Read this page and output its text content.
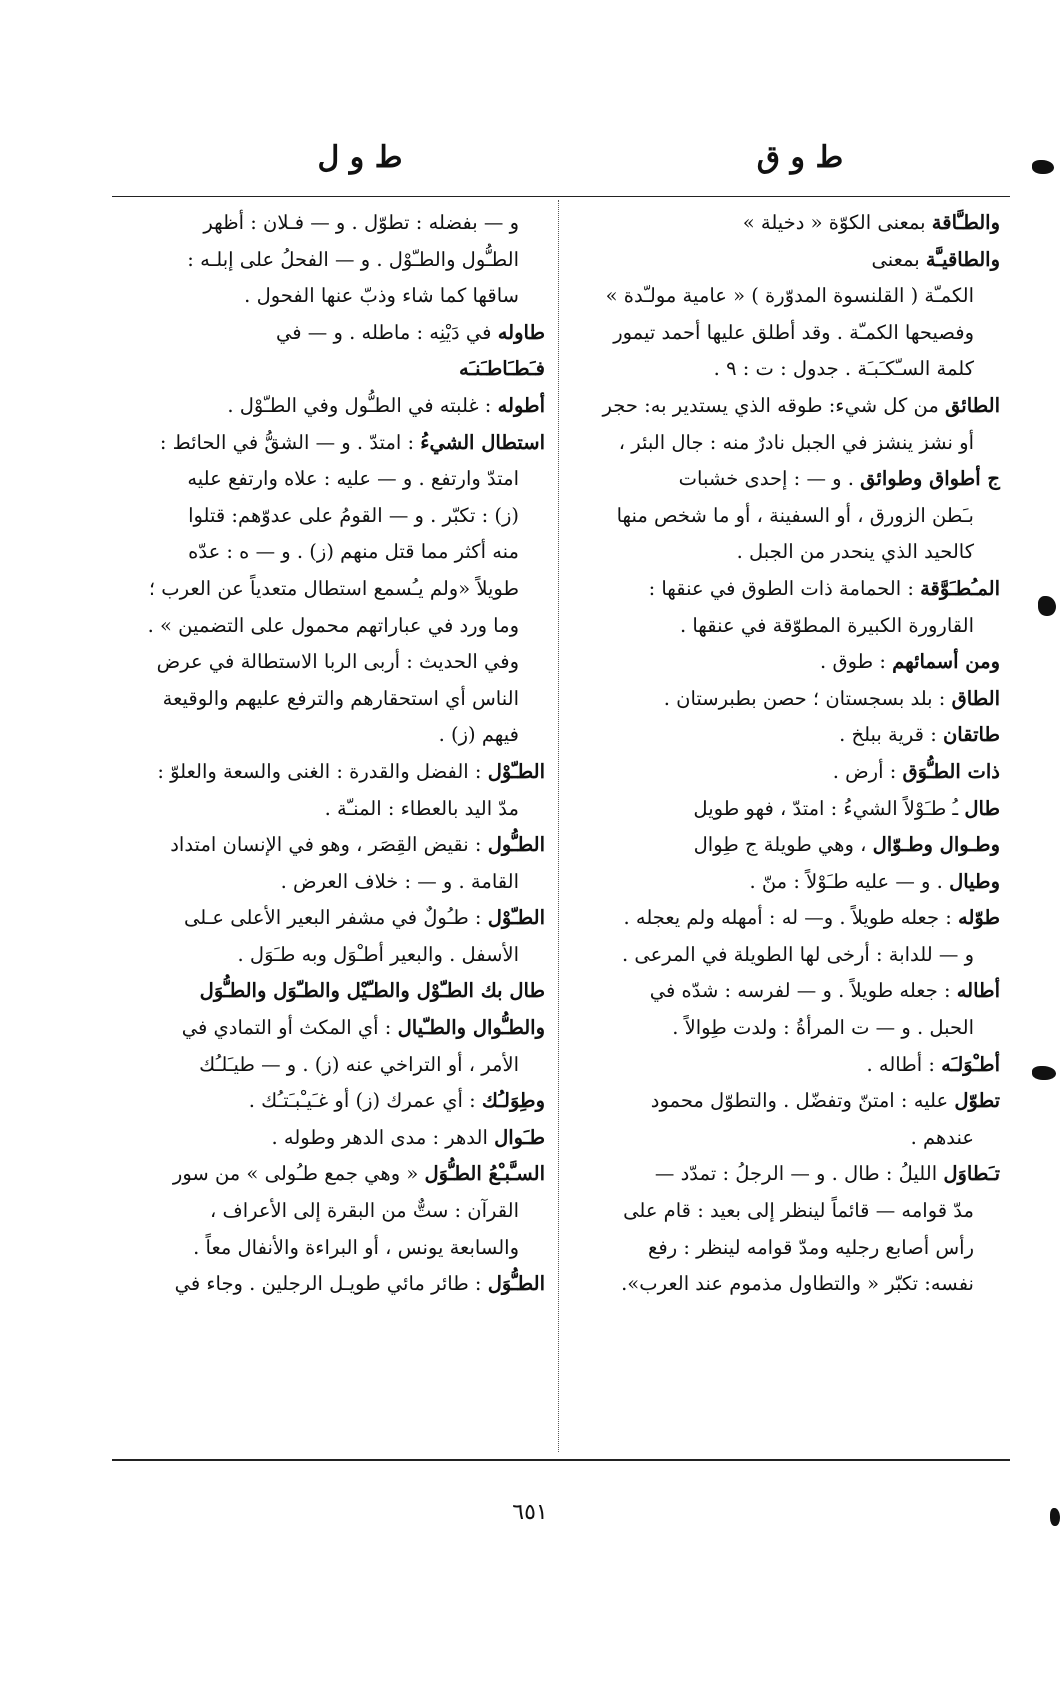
ط و ق
ط و ل

والطـَّاقة بمعنى الكوّة « دخيلة »

والطاقيـَّة بمعنى

الكمـّة ( القلنسوة المدوّرة ) « عامية مولـّدة »

وفصيحها الكمـّة . وقد أطلق عليها أحمد تيمور

كلمة السـّكـَبـَة . جدول : ت : ٩ .

الطائق من كل شيء: طوقه الذي يستدير به: حجر

أو نشز ينشز في الجبل نادرٌ منه : جال البئر ،

ج أطواق وطوائق . و — : إحدى خشبات

بـَطن الزورق ، أو السفينة ، أو ما شخص منها

كالحيد الذي ينحدر من الجبل .

المـُطـَوَّقة : الحمامة ذات الطوق في عنقها :

القارورة الكبيرة المطوّقة في عنقها .

ومن أسمائهم : طوق .

الطاق : بلد بسجستان ؛ حصن بطبرستان .

طاتقان : قرية ببلخ .

ذات الطـُّوَق : أرض .

طال ـُ طـَوْلاً الشيءُ : امتدّ ، فهو طويل

وطـوال وطـوّال ، وهي طويلة ج طِوال

وطيال . و — عليه طـَوْلاً : منّ .

طوّله : جعله طويلاً . و— له : أمهله ولم يعجله .

و — للدابة : أرخى لها الطويلة في المرعى .

أطاله : جعله طويلاً . و — لفرسه : شدّه في

الحبل . و — ت المرأةُ : ولدت طِوالاً .

أطـْوَلـَه : أطاله .

تطوّل عليه : امتنّ وتفضّل . والتطوّل محمود

عندهم .

تـَطاوَل الليلُ : طال . و — الرجلُ : تمدّد —

مدّ قوامه — قائماً لينظر إلى بعيد : قام على

رأس أصابع رجليه ومدّ قوامه لينظر : رفع

نفسه: تكبّر « والتطاول مذموم عند العرب».

و — بفضله : تطوّل . و — فـلان : أظهر

الطـُّول والطـّوْل . و — الفحلُ على إبلـه :

ساقها كما شاء وذبّ عنها الفحول .

طاوله في دَيْنِه : ماطله . و — في

فـَطـَاطـَنـَه

أطوله : غلبته في الطـُّول وفي الطـّوْل .

استطال الشيءُ : امتدّ . و — الشقُّ في الحائط :

امتدّ وارتفع . و — عليه : علاه وارتفع عليه

(ز) : تكبّر . و — القومُ على عدوّهم: قتلوا

منه أكثر مما قتل منهم (ز) . و — ه : عدّه

طويلاً «ولم يـُسمع استطال متعدياً عن العرب ؛

وما ورد في عباراتهم محمول على التضمين » .

وفي الحديث : أربى الربا الاستطالة في عرض

الناس أي استحقارهم والترفع عليهم والوقيعة

فيهم (ز) .

الطـّوْل : الفضل والقدرة : الغنى والسعة والعلوّ :

مدّ اليد بالعطاء : المنـّة .

الطـُّول : نقيض القِصَر ، وهو في الإنسان امتداد

القامة . و — : خلاف العرض .

الطـّوْل : طـُولٌ في مشفر البعير الأعلى عـلى

الأسفل . والبعير أطـْوَل وبه طـَوَل .

طال بك الطـّوْل والطـّيْل والطـّوَل والطـُّوَل

والطـُّوال والطـّيال : أي المكث أو التمادي في

الأمر ، أو التراخي عنه (ز) . و — طيـَلـُك

وطِوَلـُك : أي عمرك (ز) أو غـَيـْبـَتـُك .

طـَوال الدهر : مدى الدهر وطوله .

السـَّبـْعُ الطـُّوَل « وهي جمع طـُولى » من سور

القرآن : ستٌّ من البقرة إلى الأعراف ،

والسابعة يونس ، أو البراءة والأنفال معاً .

الطـُّوَل : طائر مائي طويـل الرجلين . وجاء في

٦٥١
